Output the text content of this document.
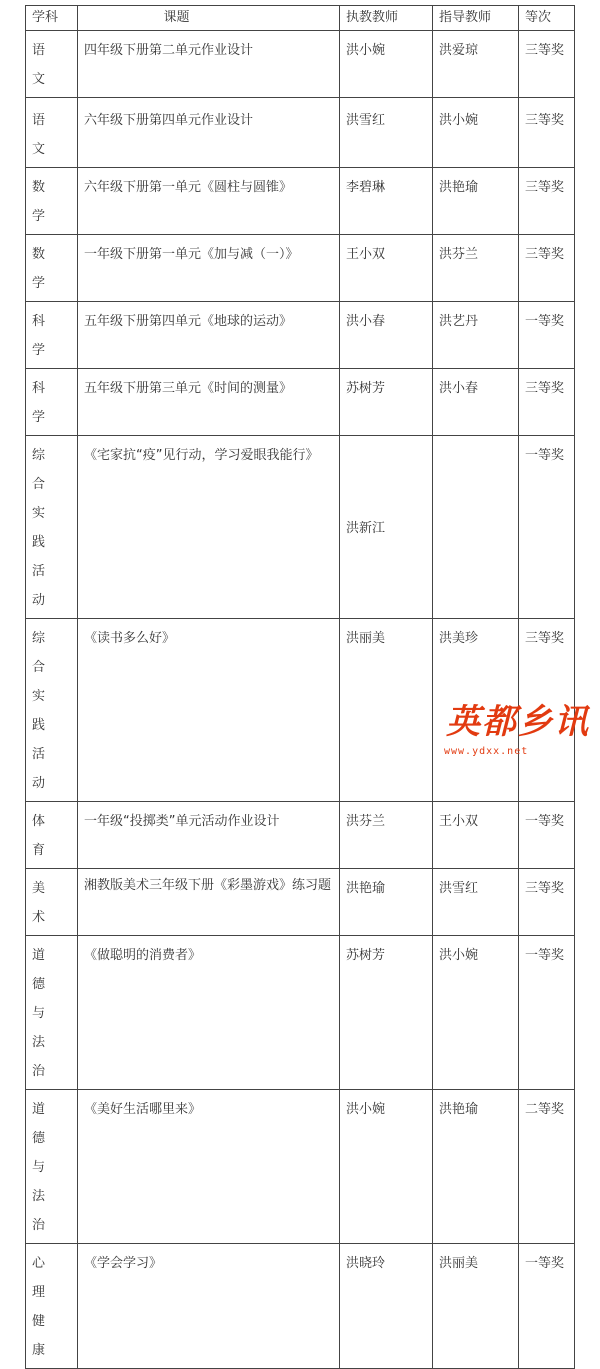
学科	课题	执教教师	指导教师	等次
语文	四年级下册第二单元作业设计	洪小婉	洪爱琼	三等奖
语文	六年级下册第四单元作业设计	洪雪红	洪小婉	三等奖
数学	六年级下册第一单元《圆柱与圆锥》	李碧琳	洪艳瑜	三等奖
数学	一年级下册第一单元《加与减（一）》	王小双	洪芬兰	三等奖
科学	五年级下册第四单元《地球的运动》	洪小春	洪艺丹	一等奖
科学	五年级下册第三单元《时间的测量》	苏树芳	洪小春	三等奖
综合实践活动	《宅家抗“疫”见行动，学习爱眼我能行》	洪新江		一等奖
综合实践活动	《读书多么好》	洪丽美	洪美珍	三等奖
体育	一年级“投掷类”单元活动作业设计	洪芬兰	王小双	一等奖
美术	湘教版美术三年级下册《彩墨游戏》练习题	洪艳瑜	洪雪红	三等奖
道德与法治	《做聪明的消费者》	苏树芳	洪小婉	一等奖
道德与法治	《美好生活哪里来》	洪小婉	洪艳瑜	二等奖
心理健康	《学会学习》	洪晓玲	洪丽美	一等奖
英都乡讯
www.ydxx.net
